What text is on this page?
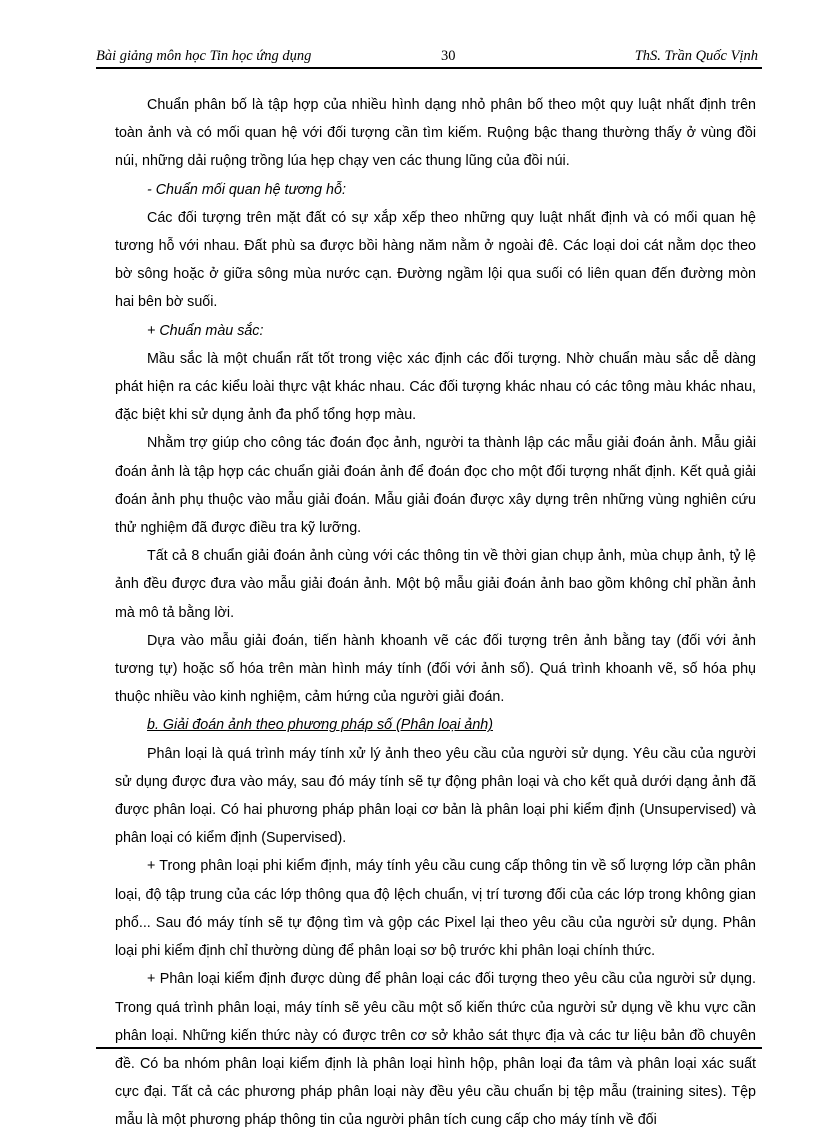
Bài giảng môn học Tin học ứng dụng	30	ThS. Trần Quốc Vịnh

Chuẩn phân bố là tập hợp của nhiều hình dạng nhỏ phân bố theo một quy luật nhất định trên toàn ảnh và có mối quan hệ với đối tượng cần tìm kiếm. Ruộng bậc thang thường thấy ở vùng đồi núi, những dải ruộng trồng lúa hẹp chạy ven các thung lũng của đồi núi.

- Chuẩn mối quan hệ tương hỗ:

Các đối tượng trên mặt đất có sự xắp xếp theo những quy luật nhất định và có mối quan hệ tương hỗ với nhau. Đất phù sa được bồi hàng năm nằm ở ngoài đê. Các loại doi cát nằm dọc theo bờ sông hoặc ở giữa sông mùa nước cạn. Đường ngầm lội qua suối có liên quan đến đường mòn hai bên bờ suối.

+ Chuẩn màu sắc:

Mầu sắc là một chuẩn rất tốt trong việc xác định các đối tượng. Nhờ chuẩn màu sắc dễ dàng phát hiện ra các kiểu loài thực vật khác nhau. Các đối tượng khác nhau có các tông màu khác nhau, đặc biệt khi sử dụng ảnh đa phổ tổng hợp màu.

Nhằm trợ giúp cho công tác đoán đọc ảnh, người ta thành lập các mẫu giải đoán ảnh. Mẫu giải đoán ảnh là tập hợp các chuẩn giải đoán ảnh để đoán đọc cho một đối tượng nhất định. Kết quả giải đoán ảnh phụ thuộc vào mẫu giải đoán. Mẫu giải đoán được xây dựng trên những vùng nghiên cứu thử nghiệm đã được điều tra kỹ lưỡng.

Tất cả 8 chuẩn giải đoán ảnh cùng với các thông tin về thời gian chụp ảnh, mùa chụp ảnh, tỷ lệ ảnh đều được đưa vào mẫu giải đoán ảnh. Một bộ mẫu giải đoán ảnh bao gồm không chỉ phần ảnh mà mô tả bằng lời.

Dựa vào mẫu giải đoán, tiến hành khoanh vẽ các đối tượng trên ảnh bằng tay (đối với ảnh tương tự) hoặc số hóa trên màn hình máy tính (đối với ảnh số). Quá trình khoanh vẽ, số hóa phụ thuộc nhiều vào kinh nghiệm, cảm hứng của người giải đoán.

b. Giải đoán ảnh theo phương pháp số (Phân loại ảnh)

Phân loại là quá trình máy tính xử lý ảnh theo yêu cầu của người sử dụng. Yêu cầu của người sử dụng được đưa vào máy, sau đó máy tính sẽ tự động phân loại và cho kết quả dưới dạng ảnh đã được phân loại. Có hai phương pháp phân loại cơ bản là phân loại phi kiểm định (Unsupervised) và phân loại có kiểm định (Supervised).

+ Trong phân loại phi kiểm định, máy tính yêu cầu cung cấp thông tin về số lượng lớp cần phân loại, độ tập trung của các lớp thông qua độ lệch chuẩn, vị trí tương đối của các lớp trong không gian phổ... Sau đó máy tính sẽ tự động tìm và gộp các Pixel lại theo yêu cầu của người sử dụng. Phân loại phi kiểm định chỉ thường dùng để phân loại sơ bộ trước khi phân loại chính thức.

+ Phân loại kiểm định được dùng để phân loại các đối tượng theo yêu cầu của người sử dụng. Trong quá trình phân loại, máy tính sẽ yêu cầu một số kiến thức của người sử dụng về khu vực cần phân loại. Những kiến thức này có được trên cơ sở khảo sát thực địa và các tư liệu bản đồ chuyên đề. Có ba nhóm phân loại kiểm định là phân loại hình hộp, phân loại đa tâm và phân loại xác suất cực đại. Tất cả các phương pháp phân loại này đều yêu cầu chuẩn bị tệp mẫu (training sites). Tệp mẫu là một phương pháp thông tin của người phân tích cung cấp cho máy tính về đối
